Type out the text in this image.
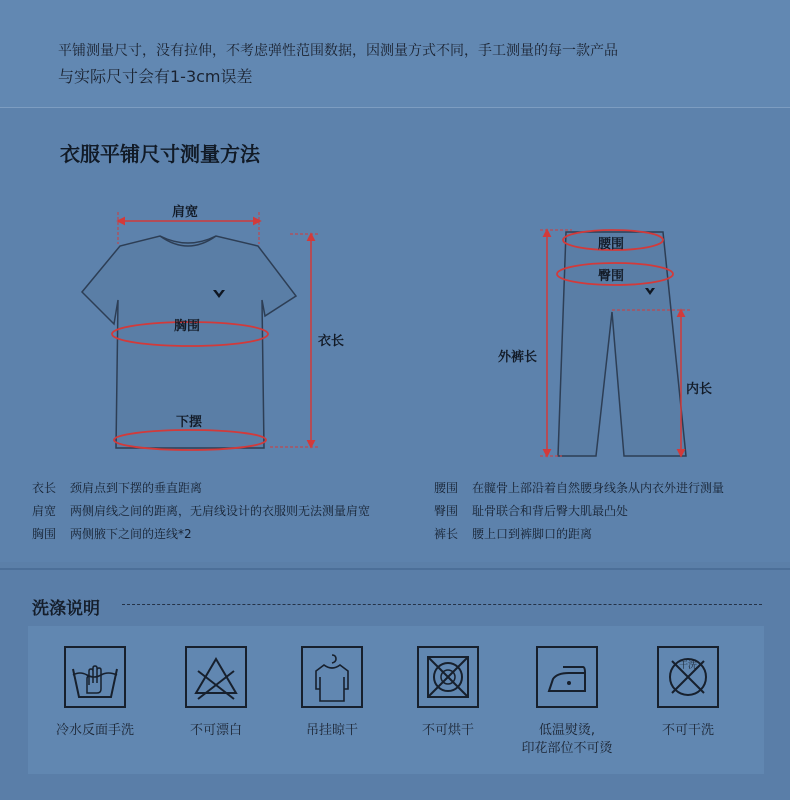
平铺测量尺寸，没有拉伸，不考虑弹性范围数据，因测量方式不同，手工测量的每一款产品
与实际尺寸会有1-3cm误差
衣服平铺尺寸测量方法
肩宽
胸围
衣长
下摆
腰围
臀围
外裤长
内长
衣长	颈肩点到下摆的垂直距离
肩宽	两侧肩线之间的距离，无肩线设计的衣服则无法测量肩宽
胸围	两侧腋下之间的连线*2
腰围	在髋骨上部沿着自然腰身线条从内衣外进行测量
臀围	耻骨联合和背后臀大肌最凸处
裤长	腰上口到裤脚口的距离
洗涤说明
冷水反面手洗	不可漂白	吊挂晾干	不可烘干	低温熨烫,
印花部位不可烫
干洗
不可干洗
